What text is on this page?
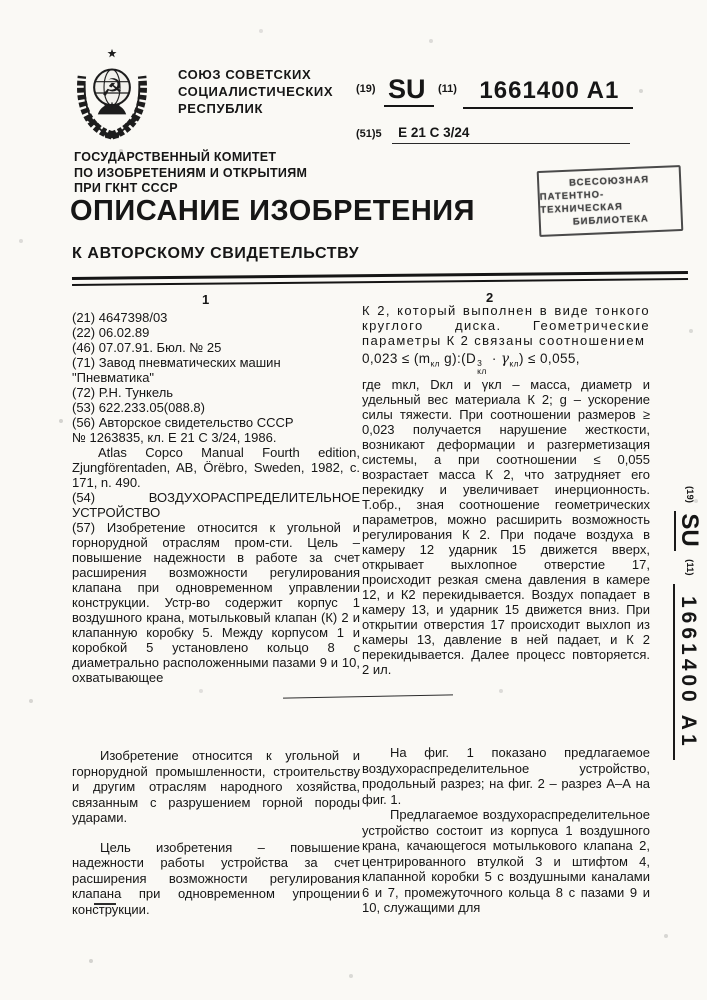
☭
СОЮЗ СОВЕТСКИХ
СОЦИАЛИСТИЧЕСКИХ
РЕСПУБЛИК
$^{(19)}$ SU $^{(11)}$ 1661400 A1
(51)5 Е 21 С 3/24
ГОСУДАРСТВЕННЫЙ КОМИТЕТ
ПО ИЗОБРЕТЕНИЯМ И ОТКРЫТИЯМ
ПРИ ГКНТ СССР	ВСЕСОЮЗНАЯ
ПАТЕНТНО-ТЕХНИЧЕСКАЯ
БИБЛИОТЕКА
ОПИСАНИЕ ИЗОБРЕТЕНИЯ
К АВТОРСКОМУ СВИДЕТЕЛЬСТВУ
1	2
(21) 4647398/03
(22) 06.02.89
(46) 07.07.91. Бюл. № 25
(71) Завод пневматических машин "Пневматика"
(72) Р.Н. Тункель
(53) 622.233.05(088.8)
(56) Авторское свидетельство СССР
№ 1263835, кл. Е 21 С 3/24, 1986.
Atlas Copco Manual Fourth edition, Zjungförentaden, AB, Örëbro, Sweden, 1982, с. 171, n. 490.
(54) ВОЗДУХОРАСПРЕДЕЛИТЕЛЬНОЕ УСТРОЙСТВО
(57) Изобретение относится к угольной и горнорудной отраслям пром-сти. Цель – повышение надежности в работе за счет расширения возможности регулирования клапана при одновременном управлении конструкции. Устр-во содержит корпус 1 воздушного крана, мотыльковый клапан (К) 2 и клапанную коробку 5. Между корпусом 1 и коробкой 5 установлено кольцо 8 с диаметрально расположенными пазами 9 и 10, охватывающее
К 2, который выполнен в виде тонкого круглого диска. Геометрические параметры К 2 связаны соотношением
$0,023 \le (m_{кл}$ g):(D 3
кл
· $\gamma_{кл}) \le 0,055$,
где mкл, Dкл и γкл – масса, диаметр и удельный вес материала К 2; g – ускорение силы тяжести. При соотношении размеров ≥ 0,023 получается нарушение жесткости, возникают деформации и разгерметизация системы, а при соотношении ≤ 0,055 возрастает масса К 2, что затрудняет его перекидку и увеличивает инерционность. Т.обр., зная соотношение геометрических параметров, можно расширить возможность регулирования К 2. При подаче воздуха в камеру 12 ударник 15 движется вверх, открывает выхлопное отверстие 17, происходит резкая смена давления в камере 12, и К2 перекидывается. Воздух попадает в камеру 13, и ударник 15 движется вниз. При открытии отверстия 17 происходит выхлоп из камеры 13, давление в ней падает, и К 2 перекидывается. Далее процесс повторяется. 2 ил.

Изобретение относится к угольной и горнорудной промышленности, строительству и другим отраслям народного хозяйства, связанным с разрушением горной породы ударами.

Цель изобретения – повышение надежности работы устройства за счет расширения возможности регулирования клапана при одновременном упрощении конструкции.

На фиг. 1 показано предлагаемое воздухораспределительное устройство, продольный разрез; на фиг. 2 – разрез А–А на фиг. 1.

Предлагаемое воздухораспределительное устройство состоит из корпуса 1 воздушного крана, качающегося мотылькового клапана 2, центрированного втулкой 3 и штифтом 4, клапанной коробки 5 с воздушными каналами 6 и 7, промежуточного кольца 8 с пазами 9 и 10, служащими для

$^{(19)}$ SU $^{(11)}$ 1661400 A1
